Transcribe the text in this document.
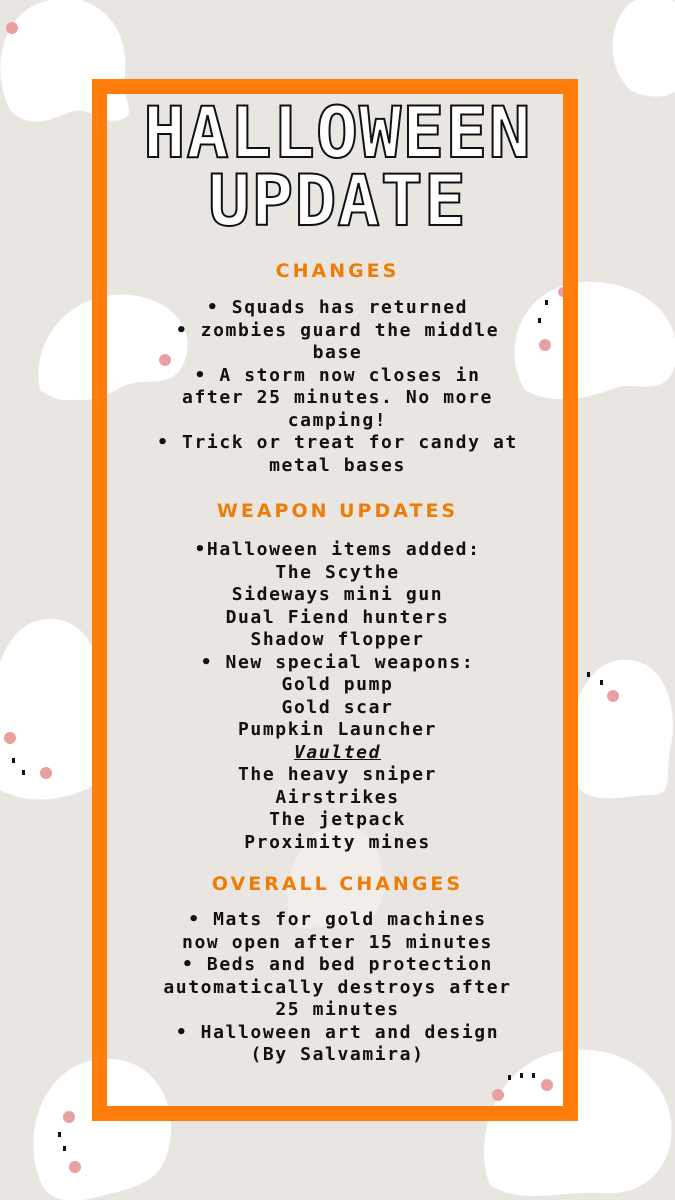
HALLOWEEN
UPDATE
CHANGES
• Squads has returned
• zombies guard the middle
base
• A storm now closes in
after 25 minutes. No more
camping!
• Trick or treat for candy at
metal bases
WEAPON UPDATES
•Halloween items added:
The Scythe
Sideways mini gun
Dual Fiend hunters
Shadow flopper
• New special weapons:
Gold pump
Gold scar
Pumpkin Launcher
Vaulted
The heavy sniper
Airstrikes
The jetpack
Proximity mines
OVERALL CHANGES
• Mats for gold machines
now open after 15 minutes
• Beds and bed protection
automatically destroys after
25 minutes
• Halloween art and design
(By Salvamira)
